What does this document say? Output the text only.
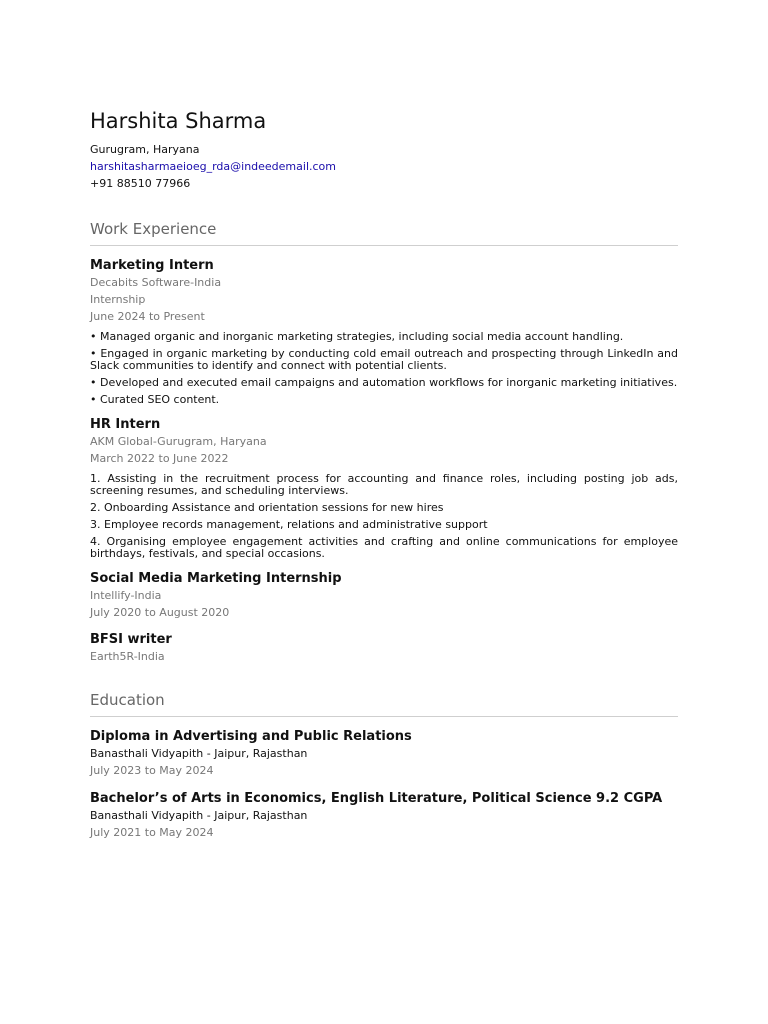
Harshita Sharma
Gurugram, Haryana
harshitasharmaeioeg_rda@indeedemail.com
+91 88510 77966
Work Experience
Marketing Intern
Decabits Software-India
Internship
June 2024 to Present
• Managed organic and inorganic marketing strategies, including social media account handling.
• Engaged in organic marketing by conducting cold email outreach and prospecting through LinkedIn and Slack communities to identify and connect with potential clients.
• Developed and executed email campaigns and automation workflows for inorganic marketing initiatives.
• Curated SEO content.
HR Intern
AKM Global-Gurugram, Haryana
March 2022 to June 2022
1. Assisting in the recruitment process for accounting and finance roles, including posting job ads, screening resumes, and scheduling interviews.
2. Onboarding Assistance and orientation sessions for new hires
3. Employee records management, relations and administrative support
4. Organising employee engagement activities and crafting and online communications for employee birthdays, festivals, and special occasions.
Social Media Marketing Internship
Intellify-India
July 2020 to August 2020
BFSI writer
Earth5R-India
Education
Diploma in Advertising and Public Relations
Banasthali Vidyapith - Jaipur, Rajasthan
July 2023 to May 2024
Bachelor’s of Arts in Economics, English Literature, Political Science 9.2 CGPA
Banasthali Vidyapith - Jaipur, Rajasthan
July 2021 to May 2024
